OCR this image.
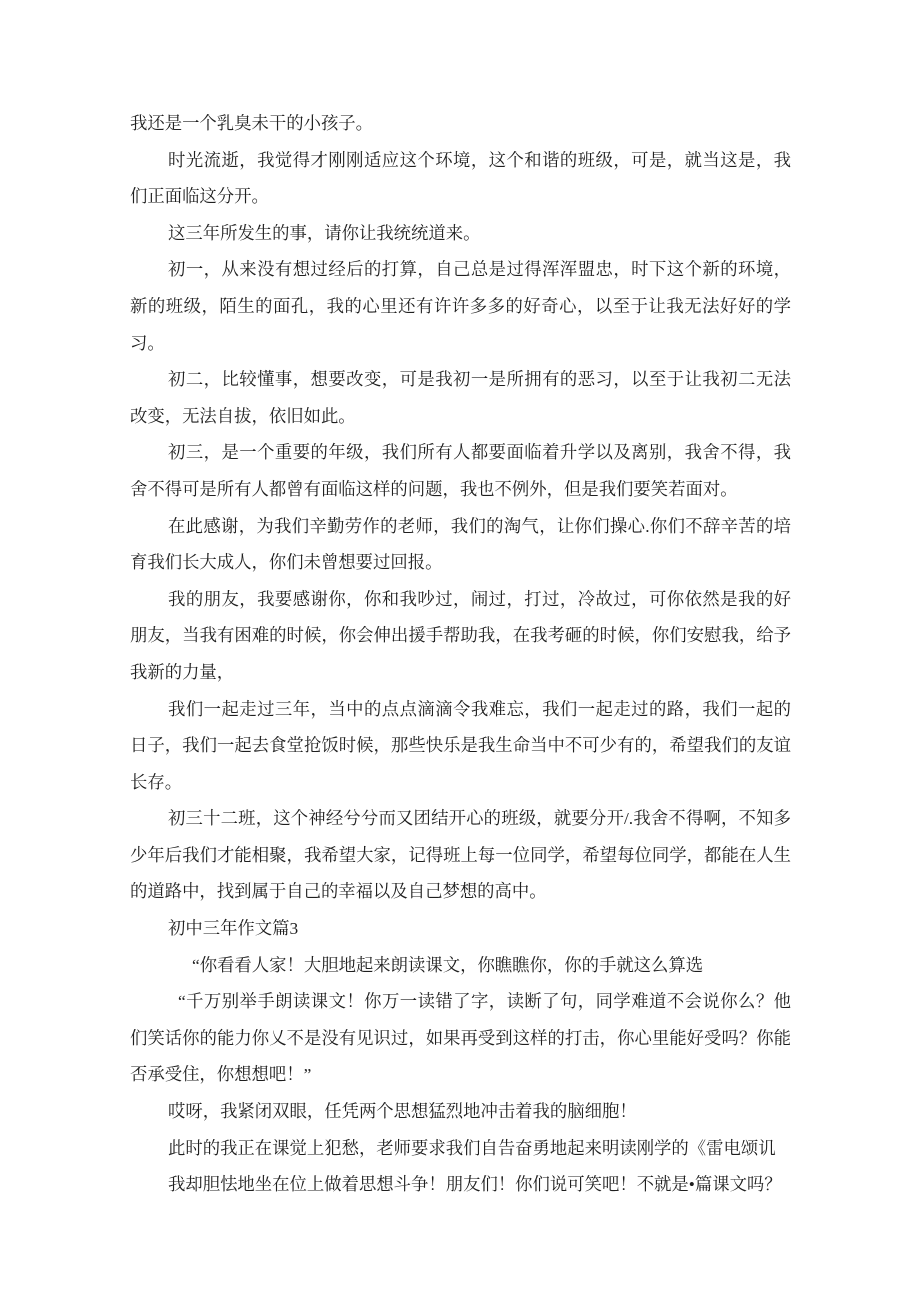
我还是一个乳臭未干的小孩子。

时光流逝，我觉得才刚刚适应这个环境，这个和谐的班级，可是，就当这是，我们正面临这分开。

这三年所发生的事，请你让我统统道来。

初一，从来没有想过经后的打算，自己总是过得浑浑盟忠，时下这个新的环境，新的班级，陌生的面孔，我的心里还有许许多多的好奇心，以至于让我无法好好的学习。

初二，比较懂事，想要改变，可是我初一是所拥有的恶习，以至于让我初二无法改变，无法自拔，依旧如此。

初三，是一个重要的年级，我们所有人都要面临着升学以及离别，我舍不得，我舍不得可是所有人都曾有面临这样的问题，我也不例外，但是我们要笑若面对。

在此感谢，为我们辛勤劳作的老师，我们的淘气，让你们操心.你们不辞辛苦的培育我们长大成人，你们未曾想要过回报。

我的朋友，我要感谢你，你和我吵过，闹过，打过，冷故过，可你依然是我的好朋友，当我有困难的时候，你会伸出援手帮助我，在我考砸的时候，你们安慰我，给予我新的力量，

我们一起走过三年，当中的点点滴滴令我难忘，我们一起走过的路，我们一起的日子，我们一起去食堂抢饭时候，那些快乐是我生命当中不可少有的，希望我们的友谊长存。

初三十二班，这个神经兮兮而又团结开心的班级，就要分开/.我舍不得啊，不知多少年后我们才能相聚，我希望大家，记得班上每一位同学，希望每位同学，都能在人生的道路中，找到属于自己的幸福以及自己梦想的高中。

初中三年作文篇3

“你看看人家！大胆地起来朗读课文，你瞧瞧你，你的手就这么算选

“千万别举手朗读课文！你万一读错了字，读断了句，同学难道不会说你么？他们笑话你的能力你乂不是没有见识过，如果再受到这样的打击，你心里能好受吗？你能否承受住，你想想吧！”

哎呀，我紧闭双眼，任凭两个思想猛烈地冲击着我的脑细胞！

此时的我正在课觉上犯愁，老师要求我们自告奋勇地起来明读刚学的《雷电颂讥

我却胆怯地坐在位上做着思想斗争！朋友们！你们说可笑吧！不就是•篇课文吗？
